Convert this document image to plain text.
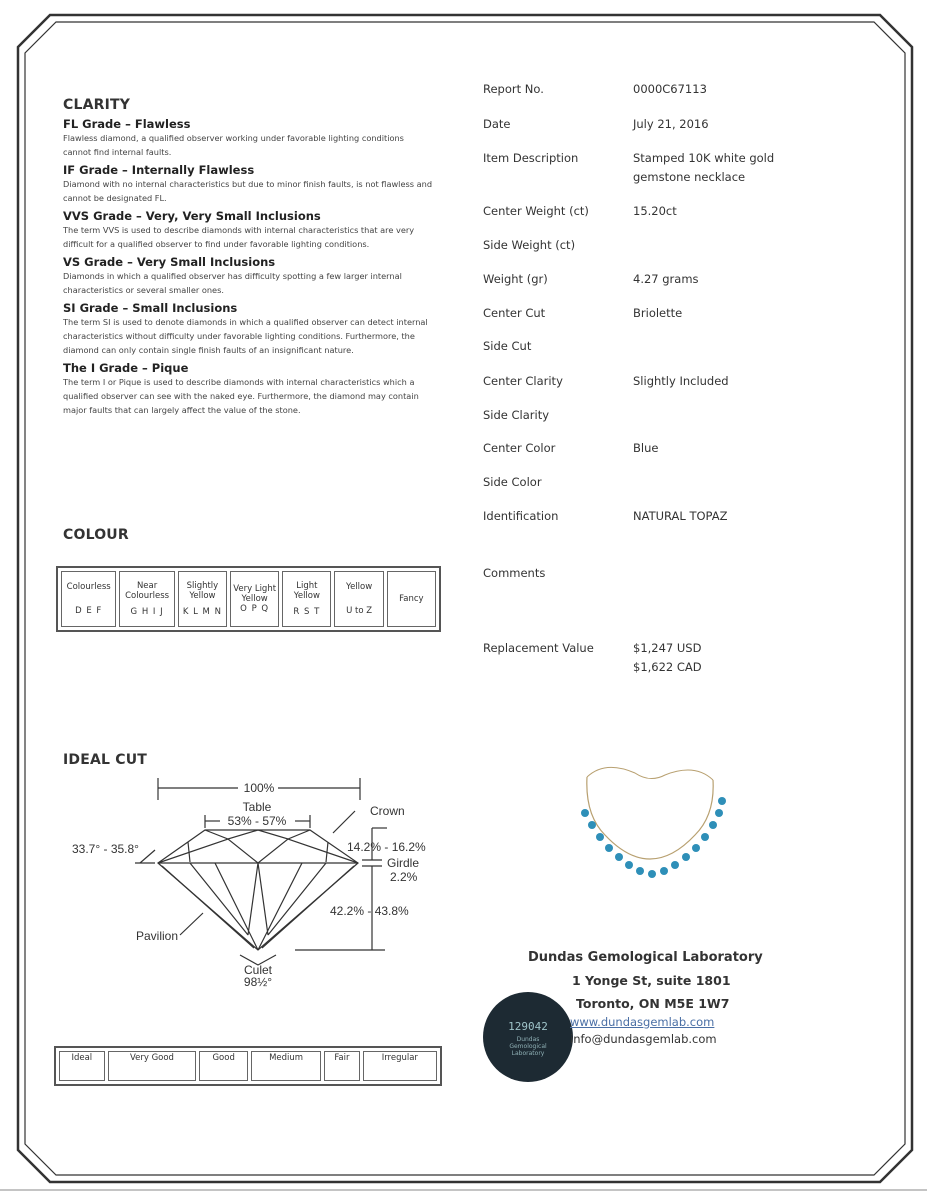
CLARITY
FL Grade – Flawless
Flawless diamond, a qualified observer working under favorable lighting conditions cannot find internal faults.
IF Grade – Internally Flawless
Diamond with no internal characteristics but due to minor finish faults, is not flawless and cannot be designated FL.
VVS Grade – Very, Very Small Inclusions
The term VVS is used to describe diamonds with internal characteristics that are very difficult for a qualified observer to find under favorable lighting conditions.
VS Grade – Very Small Inclusions
Diamonds in which a qualified observer has difficulty spotting a few larger internal characteristics or several smaller ones.
SI Grade – Small Inclusions
The term SI is used to denote diamonds in which a qualified observer can detect internal characteristics without difficulty under favorable lighting conditions. Furthermore, the diamond can only contain single finish faults of an insignificant nature.
The I Grade – Pique
The term I or Pique is used to describe diamonds with internal characteristics which a qualified observer can see with the naked eye. Furthermore, the diamond may contain major faults that can largely affect the value of the stone.
COLOUR
Colourless
D E F

Near Colourless
G H I J

Slightly Yellow
K L M N

Very Light Yellow
O P Q

Light Yellow
R S T

Yellow
U to Z

Fancy
IDEAL CUT
100%
Table
53% - 57%
Crown
33.7° - 35.8°	14.2% - 16.2%
Girdle
2.2%
42.2% - 43.8%
Pavilion
Culet
98½°
Ideal	Very Good	Good	Medium	Fair	Irregular
Report No.	0000C67113
Date	July 21, 2016
Item Description	Stamped 10K white gold gemstone necklace
Center Weight (ct)	15.20ct
Side Weight (ct)
Weight (gr)	4.27 grams
Center Cut	Briolette
Side Cut
Center Clarity	Slightly Included
Side Clarity
Center Color	Blue
Side Color
Identification	NATURAL TOPAZ
Comments
Replacement Value	$1,247 USD
$1,622 CAD
129042
Dundas Gemological Laboratory
Dundas Gemological Laboratory
1 Yonge St, suite 1801
Toronto, ON M5E 1W7
www.dundasgemlab.com
info@dundasgemlab.com
